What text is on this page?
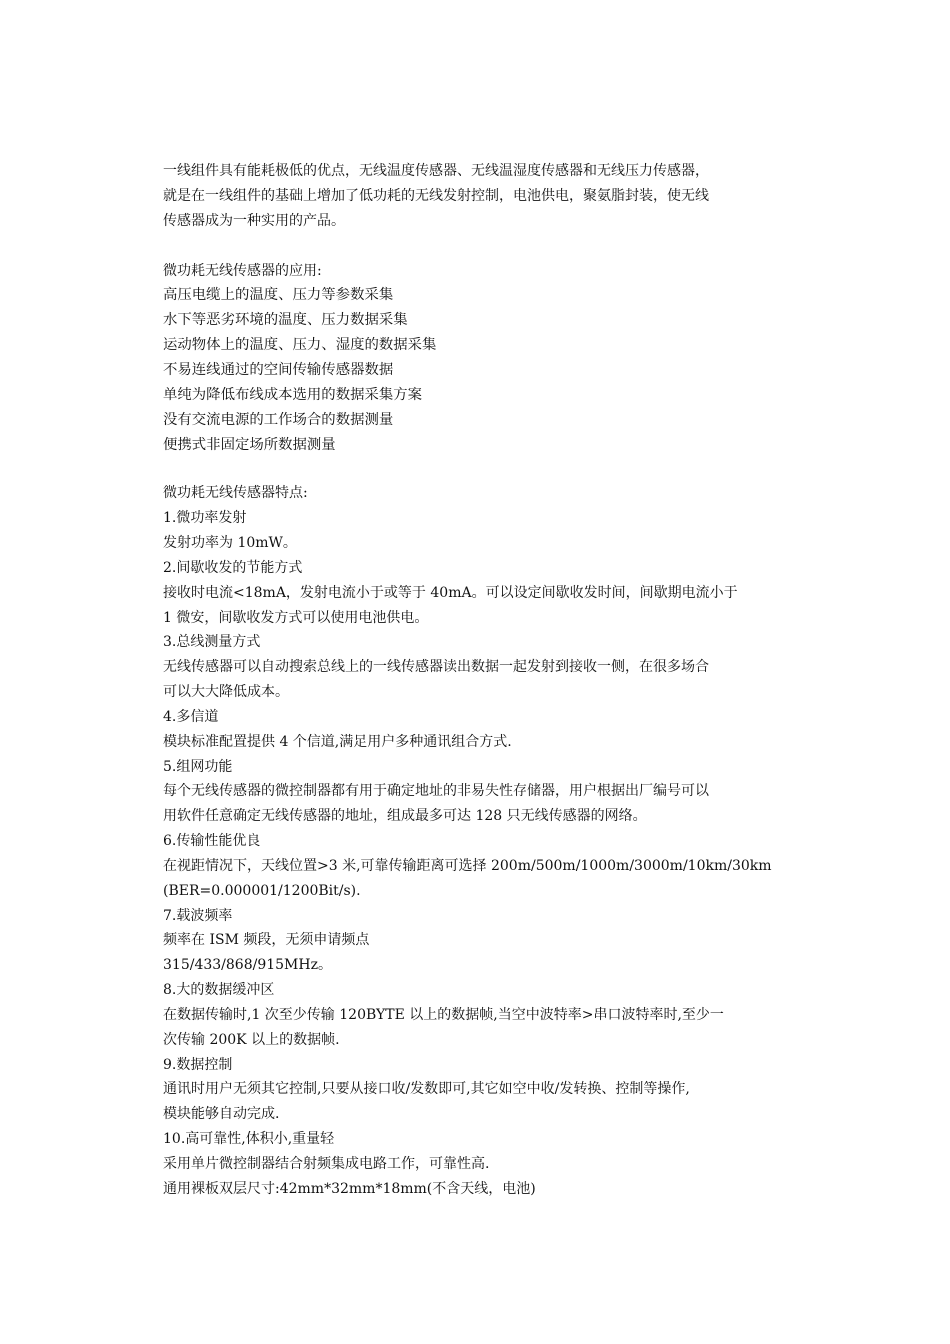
一线组件具有能耗极低的优点，无线温度传感器、无线温湿度传感器和无线压力传感器，
就是在一线组件的基础上增加了低功耗的无线发射控制，电池供电，聚氨脂封装，使无线
传感器成为一种实用的产品。
微功耗无线传感器的应用:
高压电缆上的温度、压力等参数采集
水下等恶劣环境的温度、压力数据采集
运动物体上的温度、压力、湿度的数据采集
不易连线通过的空间传输传感器数据
单纯为降低布线成本选用的数据采集方案
没有交流电源的工作场合的数据测量
便携式非固定场所数据测量
微功耗无线传感器特点:
1.微功率发射
发射功率为 10mW。
2.间歇收发的节能方式
接收时电流<18mA，发射电流小于或等于 40mA。可以设定间歇收发时间，间歇期电流小于
1 微安，间歇收发方式可以使用电池供电。
3.总线测量方式
无线传感器可以自动搜索总线上的一线传感器读出数据一起发射到接收一侧，在很多场合
可以大大降低成本。
4.多信道
模块标准配置提供 4 个信道,满足用户多种通讯组合方式.
5.组网功能
每个无线传感器的微控制器都有用于确定地址的非易失性存储器，用户根据出厂编号可以
用软件任意确定无线传感器的地址，组成最多可达 128 只无线传感器的网络。
6.传输性能优良
在视距情况下，天线位置>3 米,可靠传输距离可选择 200m/500m/1000m/3000m/10km/30km
(BER=0.000001/1200Bit/s).
7.载波频率
频率在 ISM 频段，无须申请频点
315/433/868/915MHz。
8.大的数据缓冲区
在数据传输时,1 次至少传输 120BYTE 以上的数据帧,当空中波特率>串口波特率时,至少一
次传输 200K 以上的数据帧.
9.数据控制
通讯时用户无须其它控制,只要从接口收/发数即可,其它如空中收/发转换、控制等操作,
模块能够自动完成.
10.高可靠性,体积小,重量轻
采用单片微控制器结合射频集成电路工作，可靠性高.
通用裸板双层尺寸:42mm*32mm*18mm(不含天线，电池)
